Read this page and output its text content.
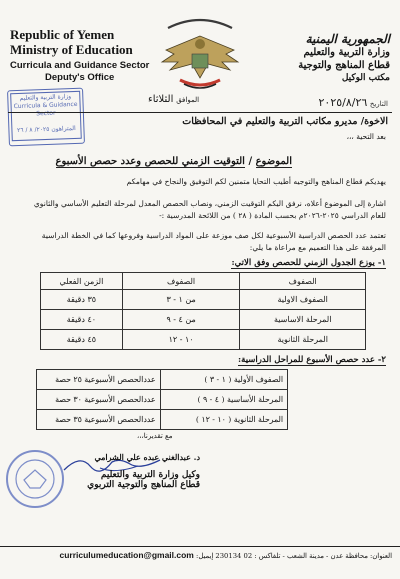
Republic of Yemen
Ministry of Education
Curricula and Guidance Sector
Deputy's Office
الجمهورية اليمنية
وزارة التربية والتعليم
قطاع المناهج والتوجية
مكتب الوكيل
وزارة التربية والتعليم
Curricula & Guidance Sector
المتراهون ٢٠٢٥/ ٨ / ٢٦
التاريخ ٢٠٢٥/٨/٢٦
الموافق الثلاثاء
الاخوة/ مديرو مكاتب التربية والتعليم في المحافظات
بعد التحية ،،،
الموضوع / التوقيت الزمني للحصص وعدد حصص الأسبوع
يهديكم قطاع المناهج والتوجيه أطيب التحايا متمنين لكم التوفيق والنجاح في مهامكم
اشارة إلى الموضوع أعلاه، نرفق اليكم التوقيت الزمني، ونصاب الحصص المعدل لمرحلة التعليم الأساسي والثانوي للعام الدراسي ٢٠٢٥-٢٠٢٦م بحسب المادة ( ٢٨ ) من اللائحة المدرسية :-
تعتمد عدد الحصص الدراسية الأسبوعية لكل صف موزعة على المواد الدراسية وفروعها كما في الخطة الدراسية المرفقة على هذا التعميم مع مراعاة ما يلي:
١- يوزع الجدول الزمني للحصص وفق الاتي:
الصفوف	الصفوف	الزمن الفعلي
الصفوف الاولية	من ١ - ٣	٣٥ دقيقة
المرحلة الاساسية	من ٤ - ٩	٤٠ دقيقة
المرحلة الثانوية	١٠ - ١٢	٤٥ دقيقة
٢- عدد حصص الأسبوع للمراحل الدراسية:
الصفوف الأولية ( ١ - ٣ )	عددالحصص الأسبوعية ٢٥ حصة
المرحلة الأساسية ( ٤ - ٩ )	عددالحصص الأسبوعية ٣٠ حصة
المرحلة الثانوية ( ١٠ - ١٢ )	عددالحصص الأسبوعية ٣٥ حصة
مع تقديرنا،،،
د. عبدالغني عبده علي الشرامي
وكيل وزارة التربية والتعليم
قطاع المناهج والتوجية التربوي
العنوان: محافظة عدن - مدينة الشعب - تلفاكس : 02 230134 إيميل: curriculumeducation@gmail.com
